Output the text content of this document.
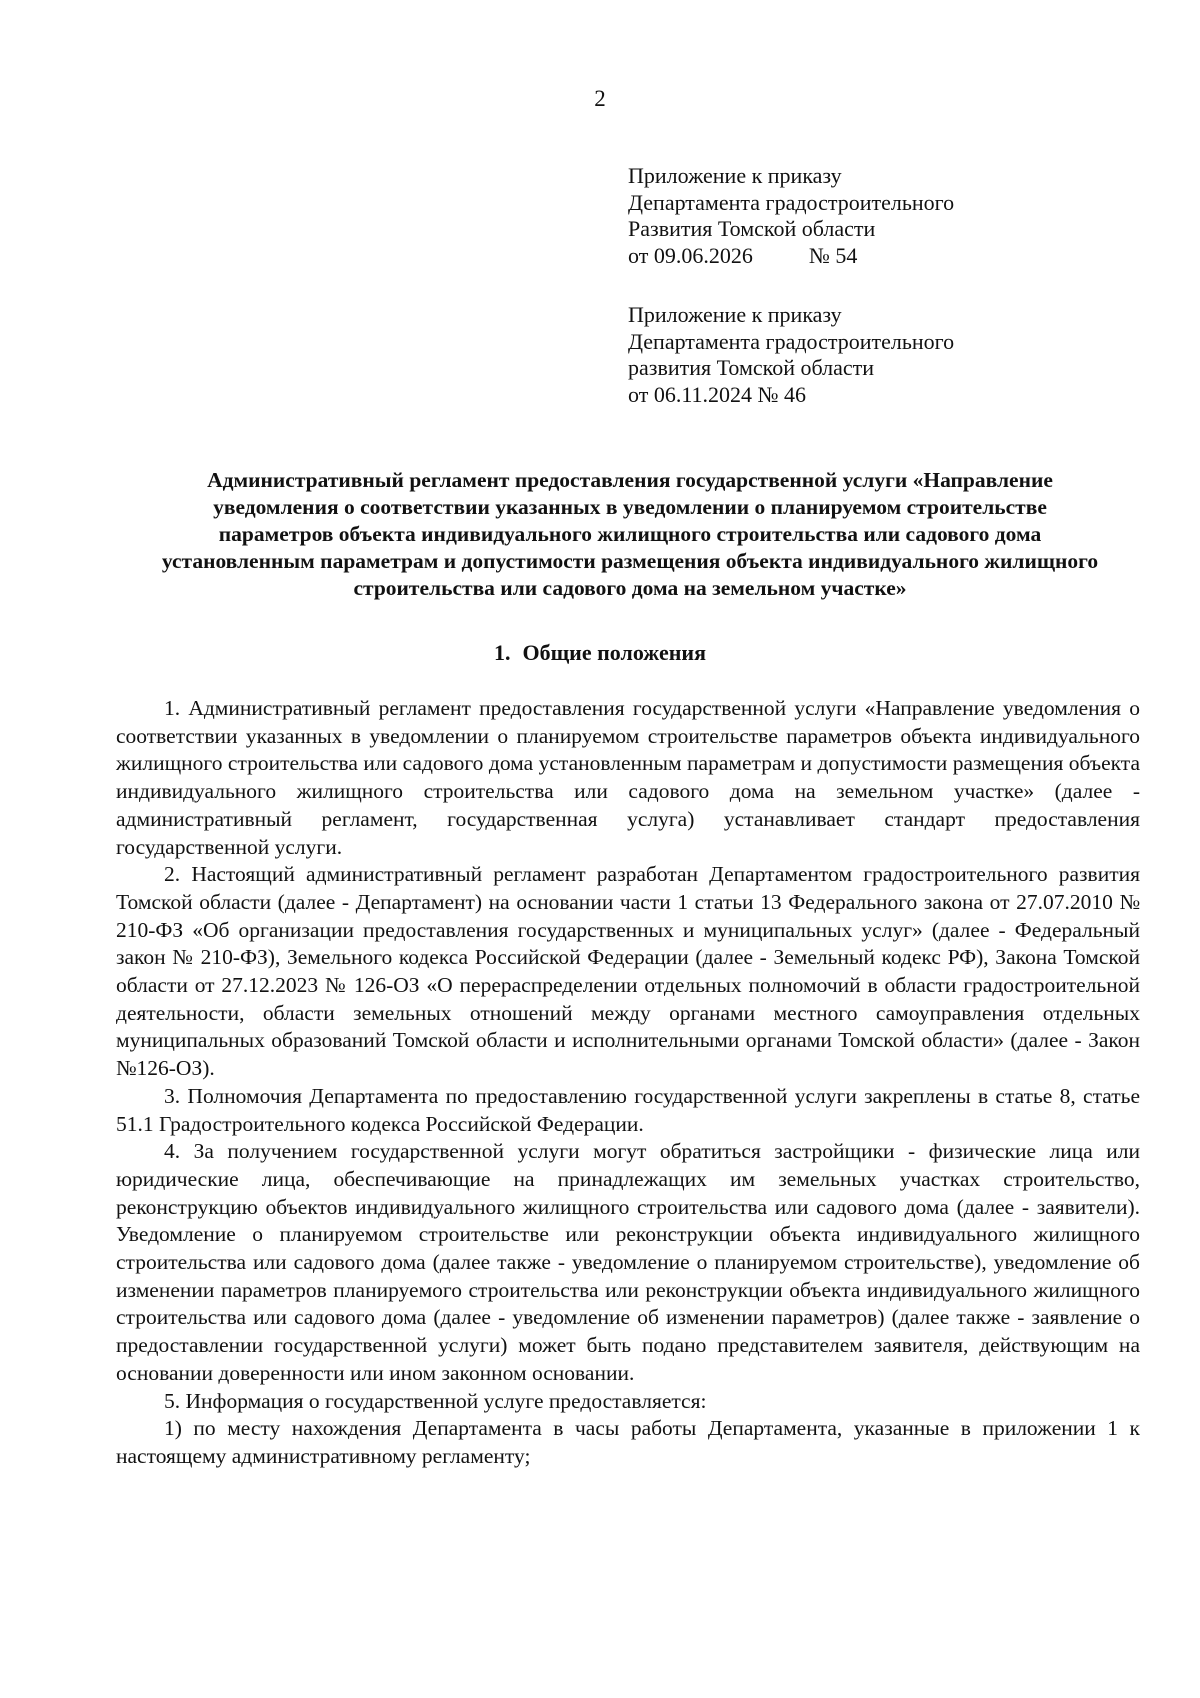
2
Приложение к приказу
Департамента градостроительного
Развития Томской области
от 09.06.2026	№ 54
Приложение к приказу
Департамента градостроительного
развития Томской области
от 06.11.2024 № 46
Административный регламент предоставления государственной услуги «Направление
уведомления о соответствии указанных в уведомлении о планируемом строительстве
параметров объекта индивидуального жилищного строительства или садового дома
установленным параметрам и допустимости размещения объекта индивидуального жилищного
строительства или садового дома на земельном участке»
1. Общие положения

1. Административный регламент предоставления государственной услуги «Направление уведомления о соответствии указанных в уведомлении о планируемом строительстве параметров объекта индивидуального жилищного строительства или садового дома установленным параметрам и допустимости размещения объекта индивидуального жилищного строительства или садового дома на земельном участке» (далее - административный регламент, государственная услуга) устанавливает стандарт предоставления государственной услуги.

2. Настоящий административный регламент разработан Департаментом градостроительного развития Томской области (далее - Департамент) на основании части 1 статьи 13 Федерального закона от 27.07.2010 № 210-ФЗ «Об организации предоставления государственных и муниципальных услуг» (далее - Федеральный закон № 210-ФЗ), Земельного кодекса Российской Федерации (далее - Земельный кодекс РФ), Закона Томской области от 27.12.2023 № 126-ОЗ «О перераспределении отдельных полномочий в области градостроительной деятельности, области земельных отношений между органами местного самоуправления отдельных муниципальных образований Томской области и исполнительными органами Томской области» (далее - Закон №126-ОЗ).

3. Полномочия Департамента по предоставлению государственной услуги закреплены в статье 8, статье 51.1 Градостроительного кодекса Российской Федерации.

4. За получением государственной услуги могут обратиться застройщики - физические лица или юридические лица, обеспечивающие на принадлежащих им земельных участках строительство, реконструкцию объектов индивидуального жилищного строительства или садового дома (далее - заявители). Уведомление о планируемом строительстве или реконструкции объекта индивидуального жилищного строительства или садового дома (далее также - уведомление о планируемом строительстве), уведомление об изменении параметров планируемого строительства или реконструкции объекта индивидуального жилищного строительства или садового дома (далее - уведомление об изменении параметров) (далее также - заявление о предоставлении государственной услуги) может быть подано представителем заявителя, действующим на основании доверенности или ином законном основании.

5. Информация о государственной услуге предоставляется:

1) по месту нахождения Департамента в часы работы Департамента, указанные в приложении 1 к настоящему административному регламенту;
